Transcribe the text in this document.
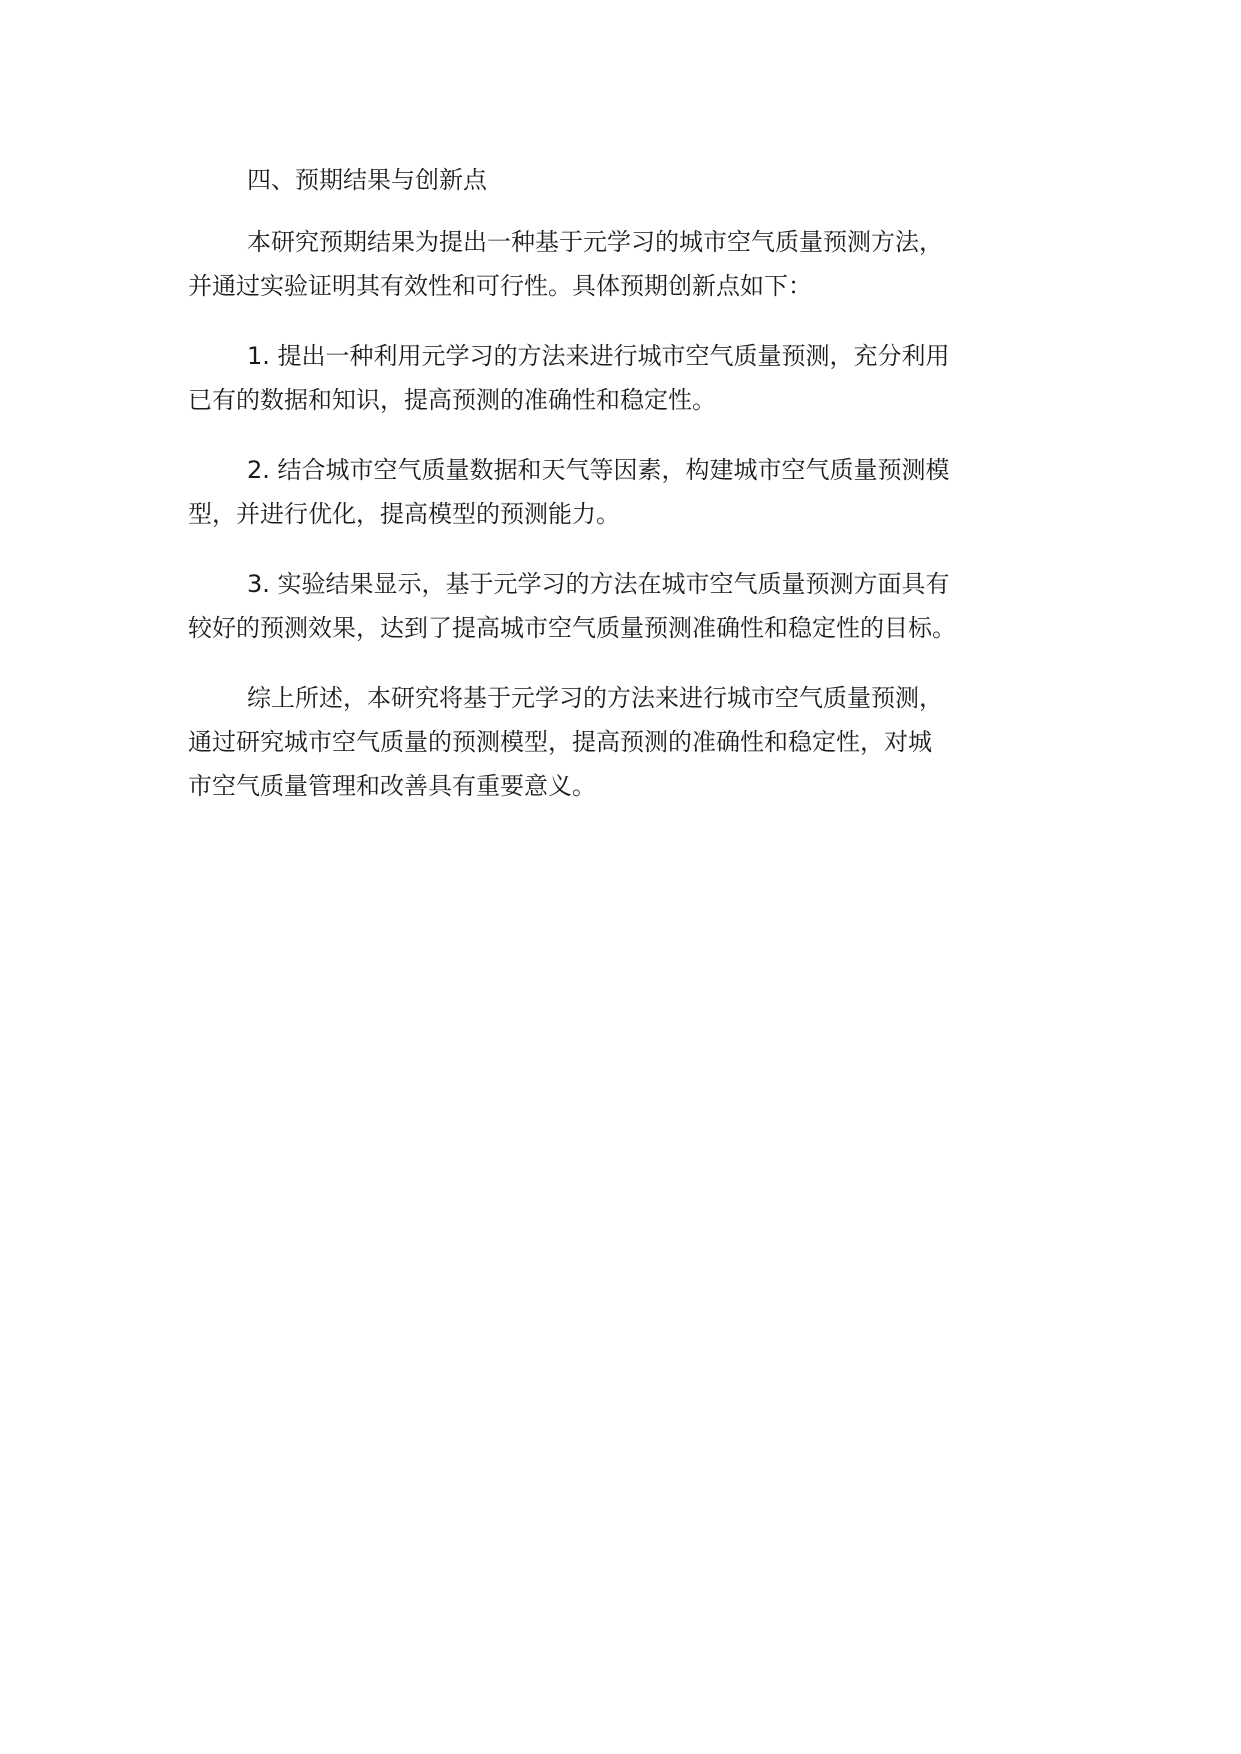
四、预期结果与创新点

本研究预期结果为提出一种基于元学习的城市空气质量预测方法，
并通过实验证明其有效性和可行性。具体预期创新点如下：

1. 提出一种利用元学习的方法来进行城市空气质量预测，充分利用
已有的数据和知识，提高预测的准确性和稳定性。

2. 结合城市空气质量数据和天气等因素，构建城市空气质量预测模
型，并进行优化，提高模型的预测能力。

3. 实验结果显示，基于元学习的方法在城市空气质量预测方面具有
较好的预测效果，达到了提高城市空气质量预测准确性和稳定性的目标。

综上所述，本研究将基于元学习的方法来进行城市空气质量预测，
通过研究城市空气质量的预测模型，提高预测的准确性和稳定性，对城
市空气质量管理和改善具有重要意义。
